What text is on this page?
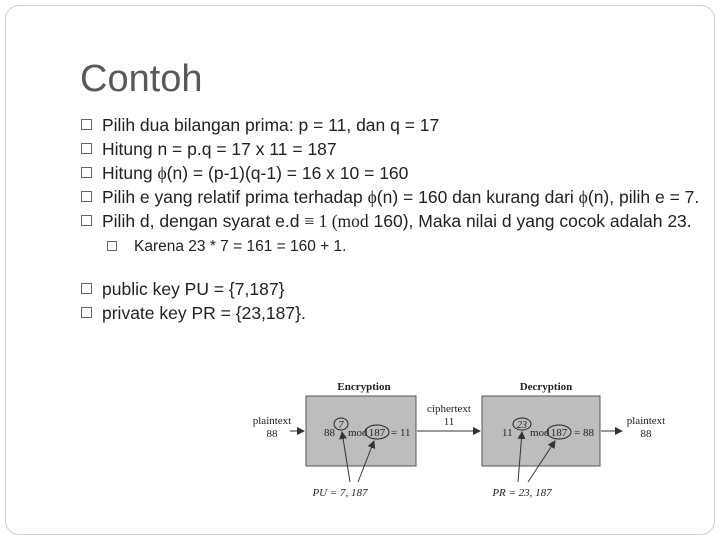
Contoh
Pilih dua bilangan prima: p = 11, dan q = 17
Hitung n = p.q = 17 x 11 = 187
Hitung ϕ(n) = (p-1)(q-1) = 16 x 10 = 160
Pilih e yang relatif prima terhadap ϕ(n) = 160 dan kurang dari ϕ(n), pilih e = 7.
Pilih d, dengan syarat e.d ≡ 1 (mod 160), Maka nilai d yang cocok adalah 23.
Karena 23 * 7 = 161 = 160 + 1.
public key PU = {7,187}
private key PR = {23,187}.
Encryption	Decryption
plaintext
88	88
7
mod 187 = 11
ciphertext
11
11
23
mod 187 = 88
plaintext
88
PU = 7, 187	PR = 23, 187
